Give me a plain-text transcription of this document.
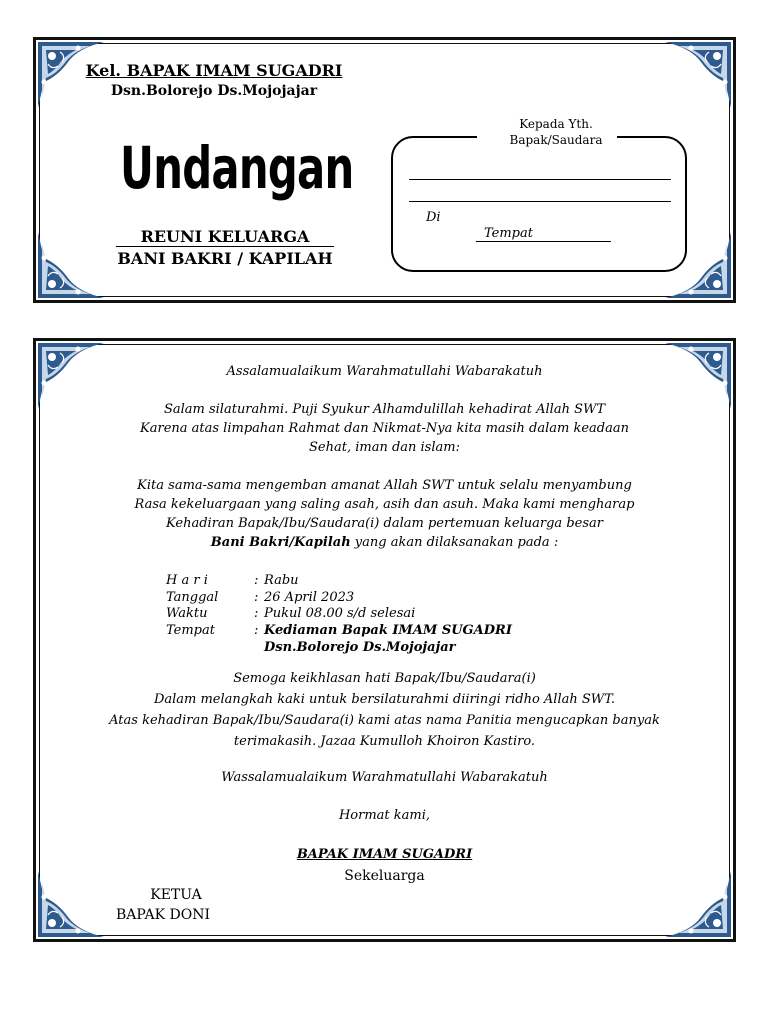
Kel. BAPAK IMAM SUGADRI
Dsn.Bolorejo Ds.Mojojajar
Undangan
REUNI KELUARGA
BANI BAKRI / KAPILAH
Kepada Yth.
Bapak/Saudara
Di
Tempat
Assalamualaikum Warahmatullahi Wabarakatuh
Salam silaturahmi. Puji Syukur Alhamdulillah kehadirat Allah SWT
Karena atas limpahan Rahmat dan Nikmat-Nya kita masih dalam keadaan
Sehat, iman dan islam:
Kita sama-sama mengemban amanat Allah SWT untuk selalu menyambung
Rasa kekeluargaan yang saling asah, asih dan asuh. Maka kami mengharap
Kehadiran Bapak/Ibu/Saudara(i) dalam pertemuan keluarga besar
Bani Bakri/Kapilah yang akan dilaksanakan pada :
H a r i	: Rabu
Tanggal	: 26 April 2023
Waktu	: Pukul 08.00 s/d selesai
Tempat	: Kediaman Bapak IMAM SUGADRI
Dsn.Bolorejo Ds.Mojojajar
Semoga keikhlasan hati Bapak/Ibu/Saudara(i)
Dalam melangkah kaki untuk bersilaturahmi diiringi ridho Allah SWT.
Atas kehadiran Bapak/Ibu/Saudara(i) kami atas nama Panitia mengucapkan banyak
terimakasih. Jazaa Kumulloh Khoiron Kastiro.
Wassalamualaikum Warahmatullahi Wabarakatuh
Hormat kami,
BAPAK IMAM SUGADRI
Sekeluarga
KETUA
BAPAK DONI
